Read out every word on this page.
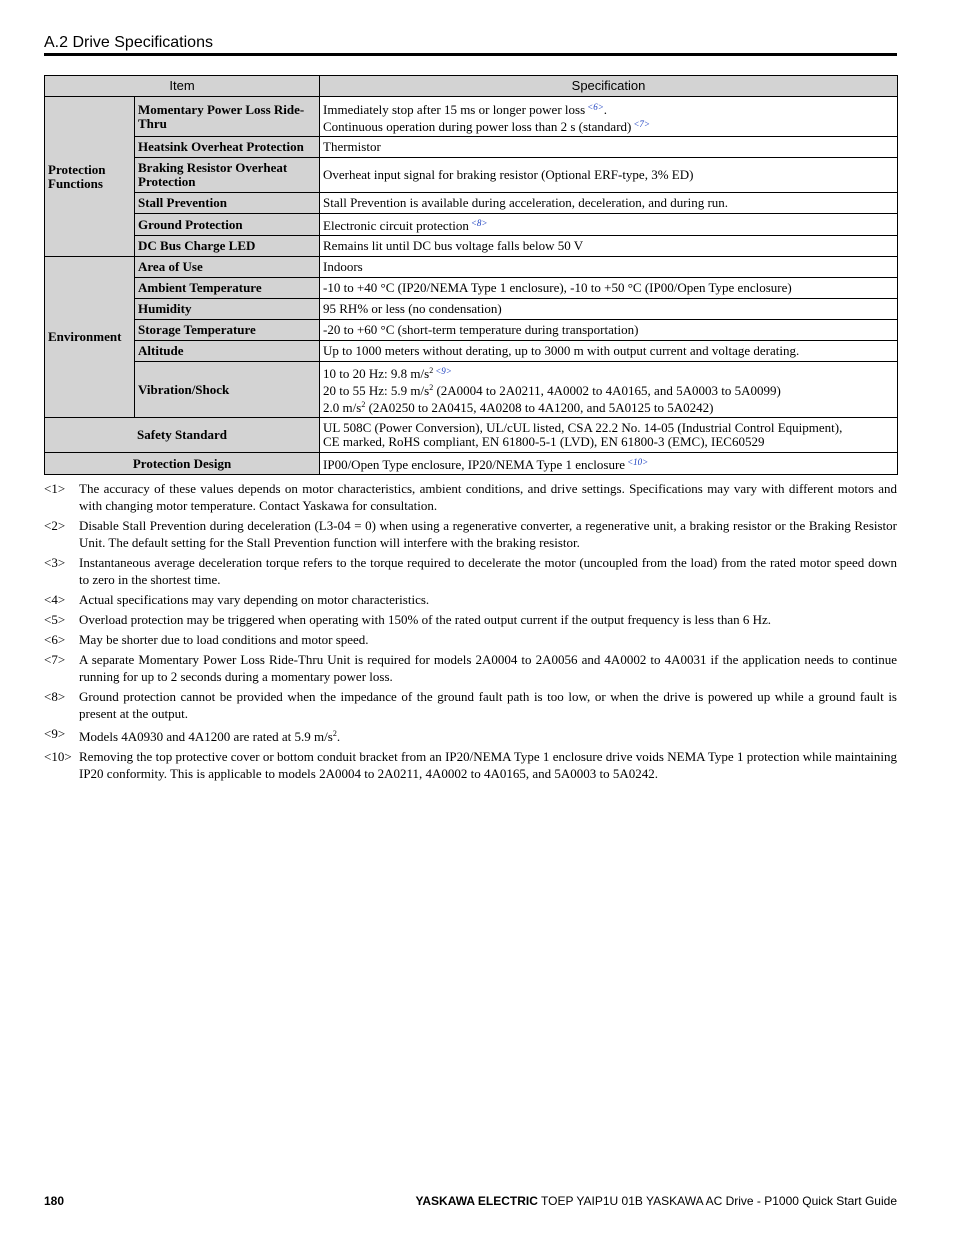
A.2 Drive Specifications
Item		Specification
Protection Functions	Momentary Power Loss Ride-Thru	Immediately stop after 15 ms or longer power loss $^{<6>}$.
Continuous operation during power loss than 2 s (standard) $^{<7>}$

	Heatsink Overheat Protection	Thermistor
	Braking Resistor Overheat Protection	Overheat input signal for braking resistor (Optional ERF-type, 3% ED)
	Stall Prevention	Stall Prevention is available during acceleration, deceleration, and during run.
	Ground Protection	Electronic circuit protection $^{<8>}$
	DC Bus Charge LED	Remains lit until DC bus voltage falls below 50 V
Environment	Area of Use	Indoors
	Ambient Temperature	-10 to +40 °C (IP20/NEMA Type 1 enclosure), -10 to +50 °C (IP00/Open Type enclosure)
	Humidity	95 RH% or less (no condensation)
	Storage Temperature	-20 to +60 °C (short-term temperature during transportation)
	Altitude	Up to 1000 meters without derating, up to 3000 m with output current and voltage derating.
	Vibration/Shock	10 to 20 Hz: 9.8 $m/s^2$ $^{<9>}$
20 to 55 Hz: 5.9 $m/s^2$ (2A0004 to 2A0211, 4A0002 to 4A0165, and 5A0003 to 5A0099)
2.0 $m/s^2$ (2A0250 to 2A0415, 4A0208 to 4A1200, and 5A0125 to 5A0242)

Safety Standard		UL 508C (Power Conversion), UL/cUL listed, CSA 22.2 No. 14-05 (Industrial Control Equipment),
CE marked, RoHS compliant, EN 61800-5-1 (LVD), EN 61800-3 (EMC), IEC60529

Protection Design		IP00/Open Type enclosure, IP20/NEMA Type 1 enclosure $^{<10>}$
<1>	The accuracy of these values depends on motor characteristics, ambient conditions, and drive settings. Specifications may vary with different motors and with changing motor temperature. Contact Yaskawa for consultation.
<2>	Disable Stall Prevention during deceleration (L3-04 = 0) when using a regenerative converter, a regenerative unit, a braking resistor or the Braking Resistor Unit. The default setting for the Stall Prevention function will interfere with the braking resistor.
<3>	Instantaneous average deceleration torque refers to the torque required to decelerate the motor (uncoupled from the load) from the rated motor speed down to zero in the shortest time.
<4>	Actual specifications may vary depending on motor characteristics.
<5>	Overload protection may be triggered when operating with 150% of the rated output current if the output frequency is less than 6 Hz.
<6>	May be shorter due to load conditions and motor speed.
<7>	A separate Momentary Power Loss Ride-Thru Unit is required for models 2A0004 to 2A0056 and 4A0002 to 4A0031 if the application needs to continue running for up to 2 seconds during a momentary power loss.
<8>	Ground protection cannot be provided when the impedance of the ground fault path is too low, or when the drive is powered up while a ground fault is present at the output.
<9>	Models 4A0930 and 4A1200 are rated at 5.9 $m/s^2$.
<10> Removing the top protective cover or bottom conduit bracket from an IP20/NEMA Type 1 enclosure drive voids NEMA Type 1 protection while maintaining IP20 conformity. This is applicable to models 2A0004 to 2A0211, 4A0002 to 4A0165, and 5A0003 to 5A0242.
180	YASKAWA ELECTRIC TOEP YAIP1U 01B YASKAWA AC Drive - P1000 Quick Start Guide
